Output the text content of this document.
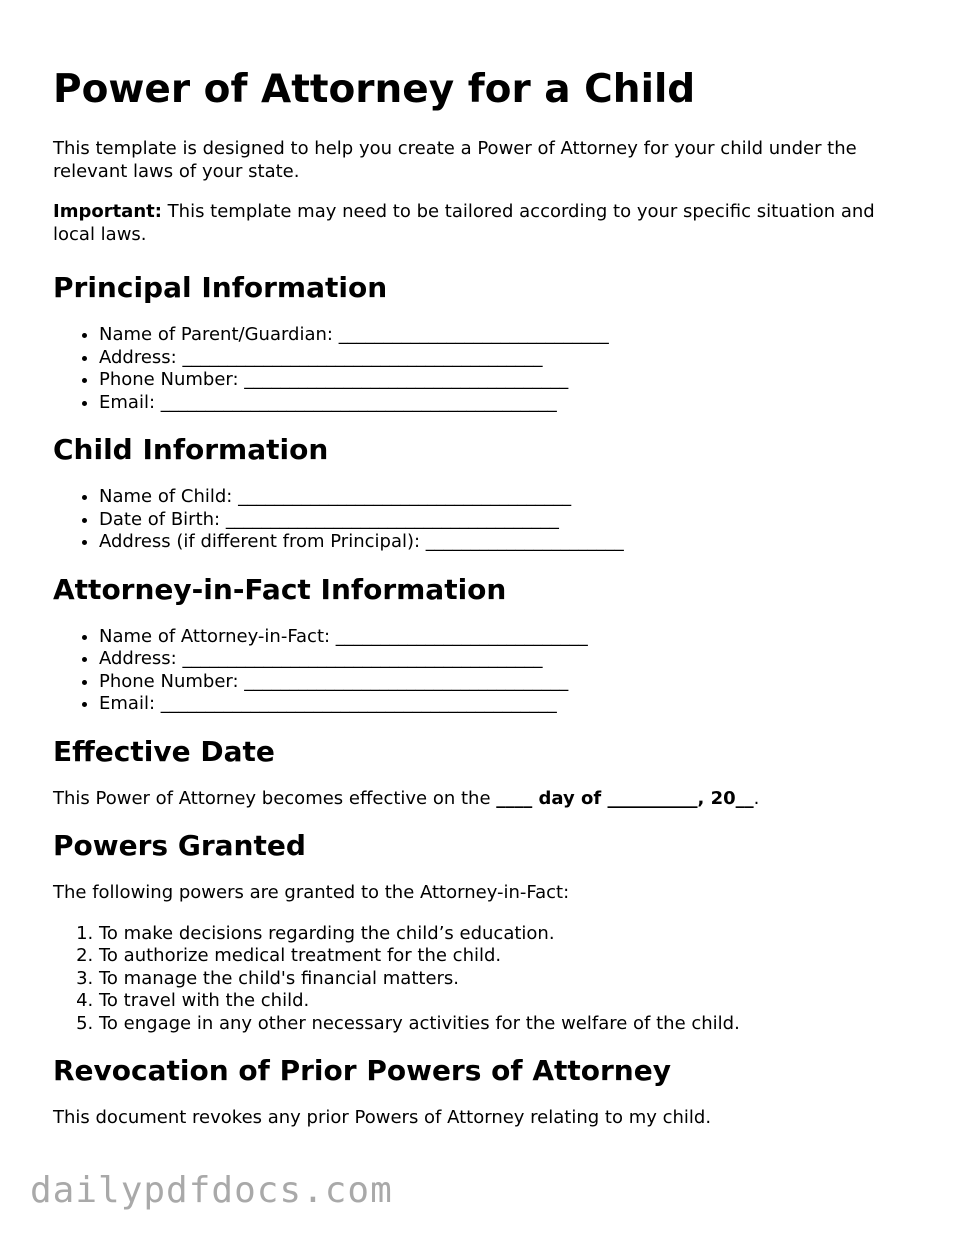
Power of Attorney for a Child

This template is designed to help you create a Power of Attorney for your child under the relevant laws of your state.

Important: This template may need to be tailored according to your specific situation and local laws.

Principal Information
• Name of Parent/Guardian: ______________________________
• Address: ________________________________________
• Phone Number: ____________________________________
• Email: ____________________________________________
Child Information
• Name of Child: _____________________________________
• Date of Birth: _____________________________________
• Address (if different from Principal): ______________________
Attorney-in-Fact Information
• Name of Attorney-in-Fact: ____________________________
• Address: ________________________________________
• Phone Number: ____________________________________
• Email: ____________________________________________
Effective Date

This Power of Attorney becomes effective on the ____ day of __________, 20__.

Powers Granted

The following powers are granted to the Attorney-in-Fact:

1. To make decisions regarding the child’s education.
2. To authorize medical treatment for the child.
3. To manage the child's financial matters.
4. To travel with the child.
5. To engage in any other necessary activities for the welfare of the child.
Revocation of Prior Powers of Attorney

This document revokes any prior Powers of Attorney relating to my child.

dailypdfdocs.com
